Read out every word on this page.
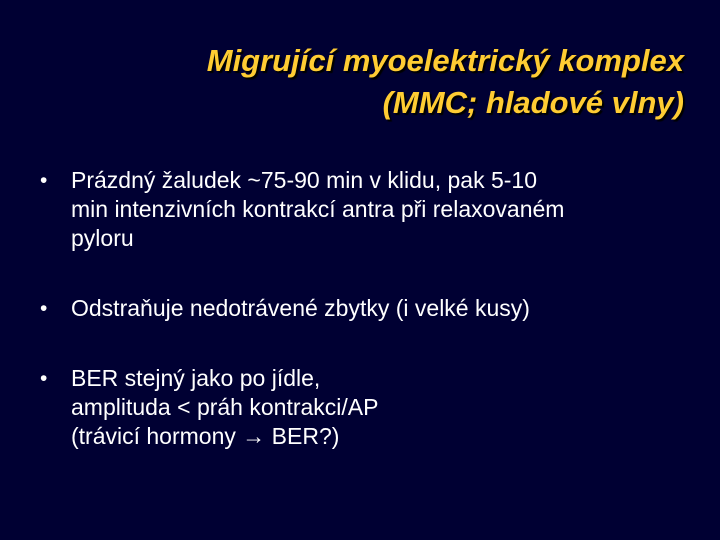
Migrující myoelektrický komplex
(MMC; hladové vlny)
•	Prázdný žaludek ~75-90 min v klidu, pak 5-10
min intenzivních kontrakcí antra při relaxovaném
pyloru
•	Odstraňuje nedotrávené zbytky (i velké kusy)
•	BER stejný jako po jídle,
amplituda < práh kontrakci/AP
(trávicí hormony → BER?)
